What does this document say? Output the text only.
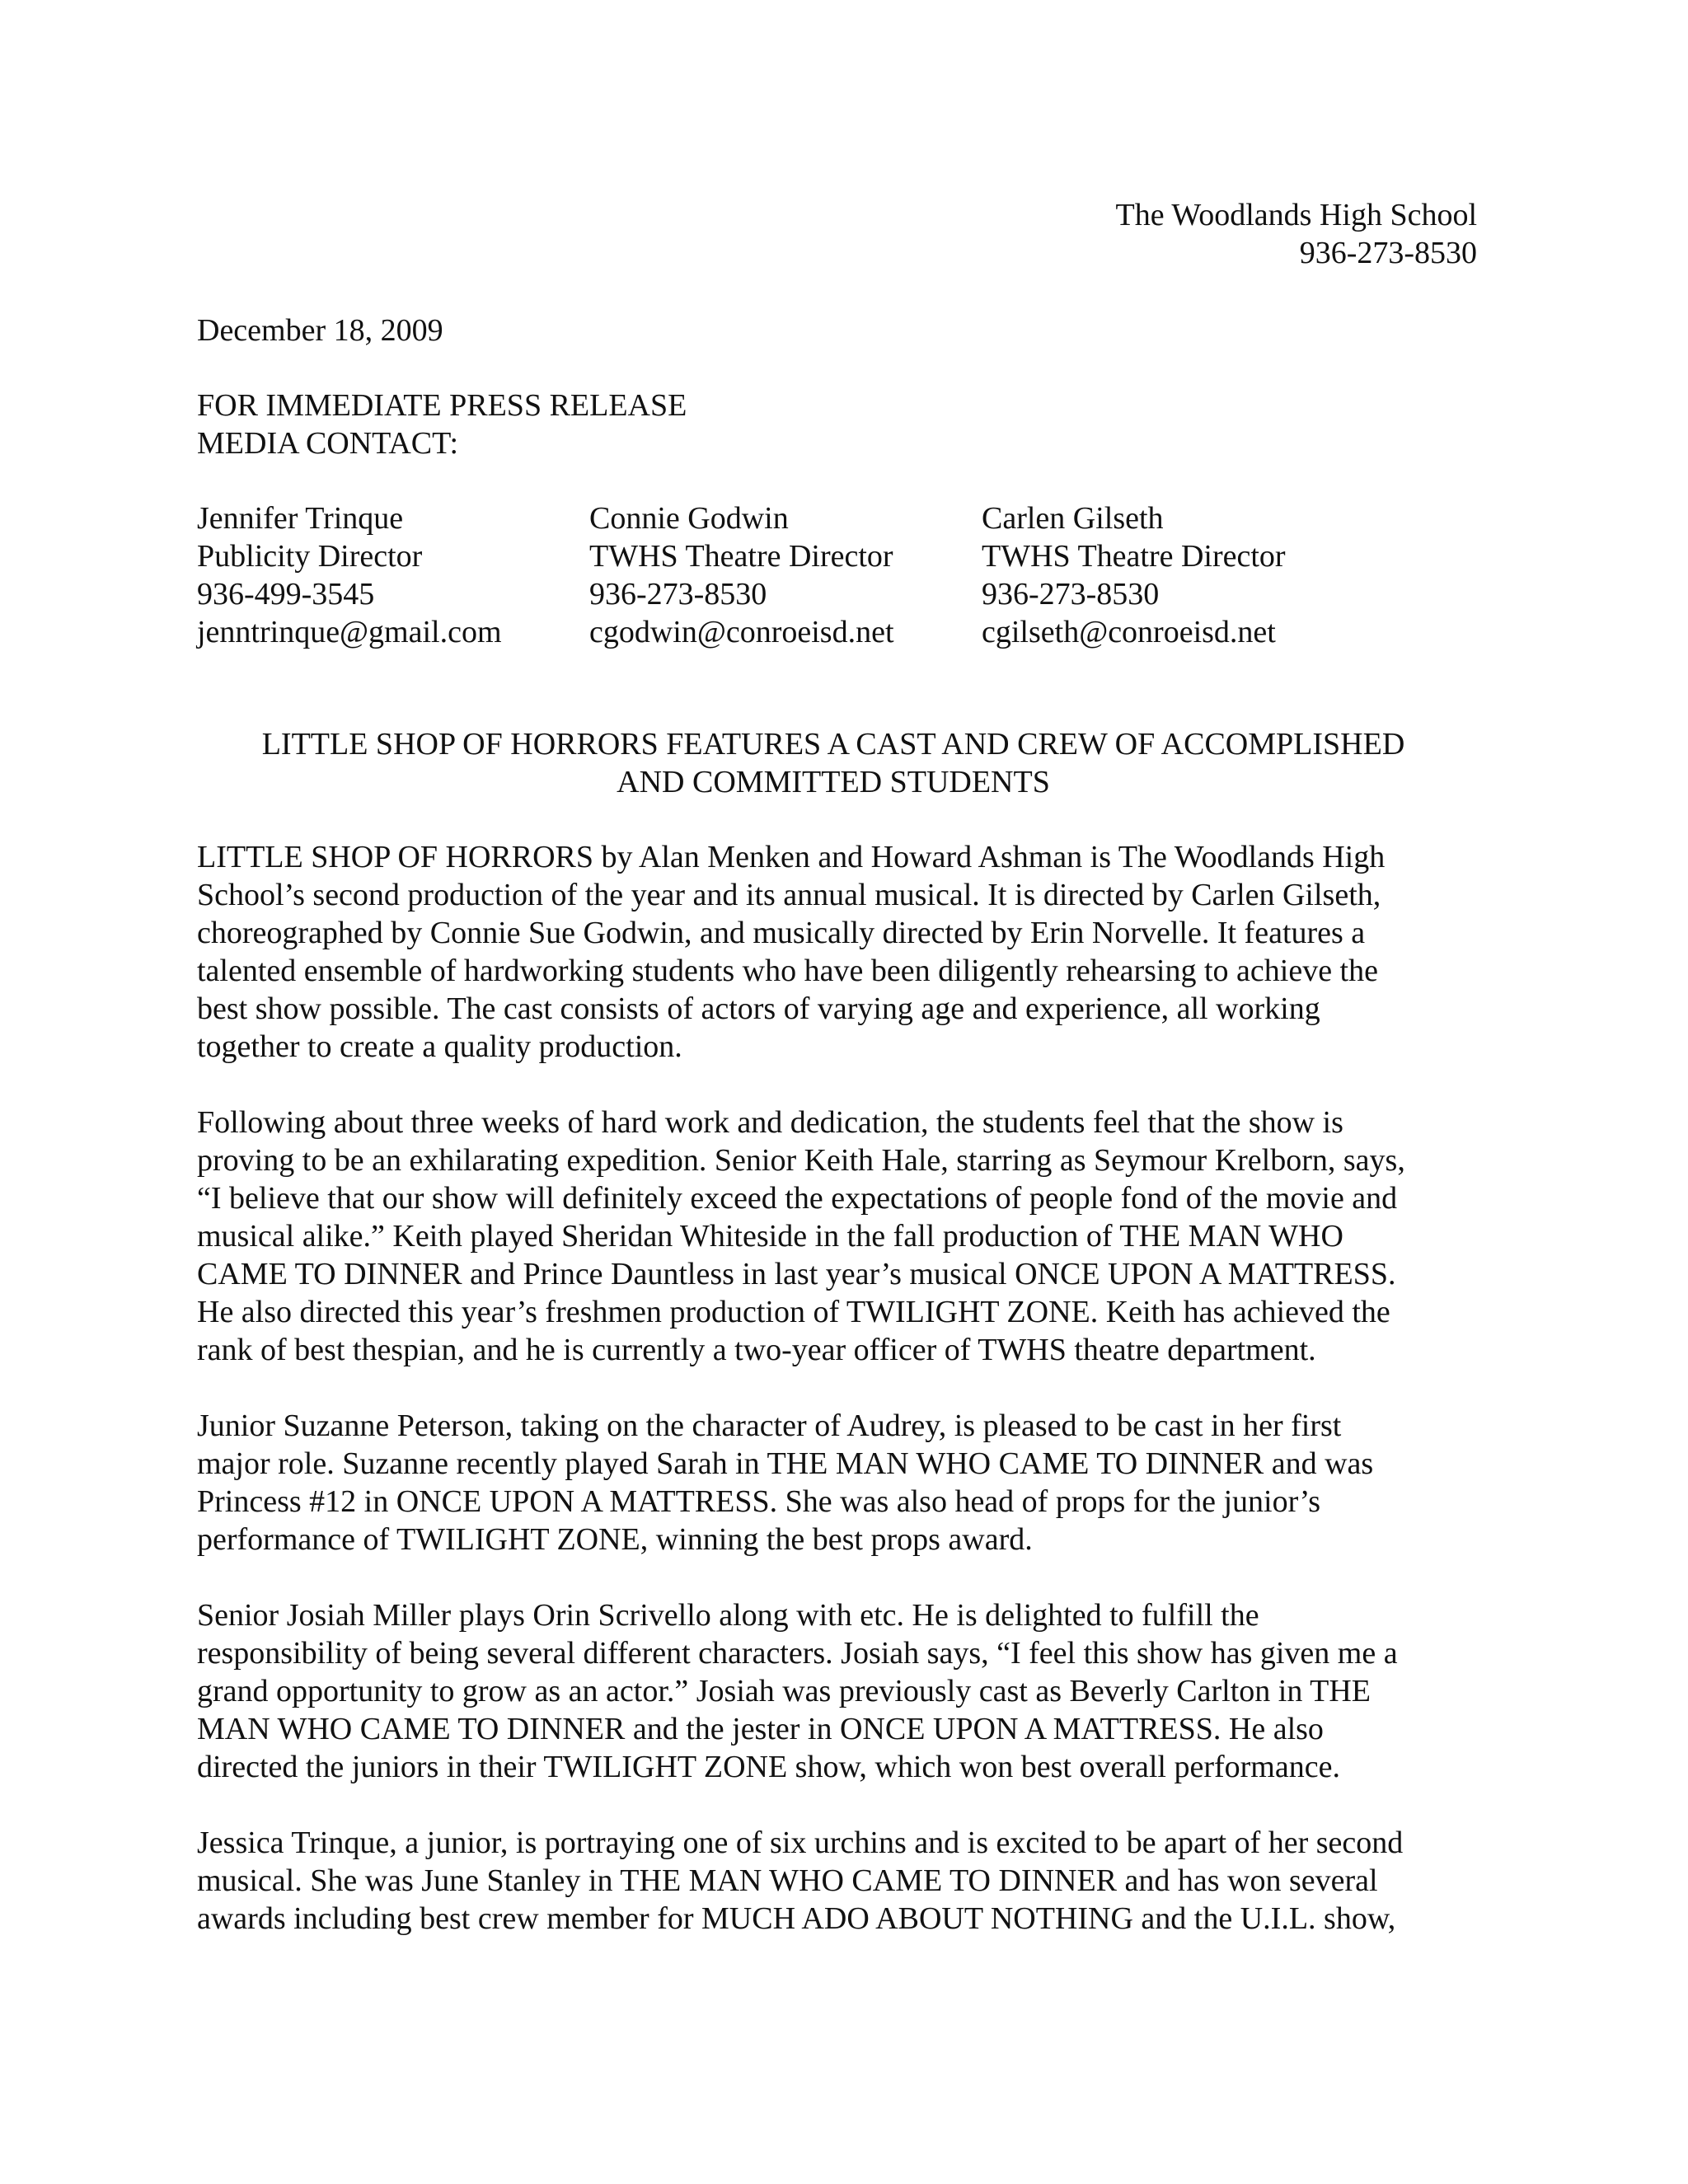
The Woodlands High School
936-273-8530
December 18, 2009
FOR IMMEDIATE PRESS RELEASE
MEDIA CONTACT:
Jennifer Trinque
Publicity Director
936-499-3545
jenntrinque@gmail.com
Connie Godwin
TWHS Theatre Director
936-273-8530
cgodwin@conroeisd.net
Carlen Gilseth
TWHS Theatre Director
936-273-8530
cgilseth@conroeisd.net
LITTLE SHOP OF HORRORS FEATURES A CAST AND CREW OF ACCOMPLISHED
AND COMMITTED STUDENTS

LITTLE SHOP OF HORRORS by Alan Menken and Howard Ashman is The Woodlands High
School’s second production of the year and its annual musical. It is directed by Carlen Gilseth,
choreographed by Connie Sue Godwin, and musically directed by Erin Norvelle. It features a
talented ensemble of hardworking students who have been diligently rehearsing to achieve the
best show possible. The cast consists of actors of varying age and experience, all working
together to create a quality production.

Following about three weeks of hard work and dedication, the students feel that the show is
proving to be an exhilarating expedition. Senior Keith Hale, starring as Seymour Krelborn, says,
“I believe that our show will definitely exceed the expectations of people fond of the movie and
musical alike.” Keith played Sheridan Whiteside in the fall production of THE MAN WHO
CAME TO DINNER and Prince Dauntless in last year’s musical ONCE UPON A MATTRESS.
He also directed this year’s freshmen production of TWILIGHT ZONE. Keith has achieved the
rank of best thespian, and he is currently a two-year officer of TWHS theatre department.

Junior Suzanne Peterson, taking on the character of Audrey, is pleased to be cast in her first
major role. Suzanne recently played Sarah in THE MAN WHO CAME TO DINNER and was
Princess #12 in ONCE UPON A MATTRESS. She was also head of props for the junior’s
performance of TWILIGHT ZONE, winning the best props award.

Senior Josiah Miller plays Orin Scrivello along with etc. He is delighted to fulfill the
responsibility of being several different characters. Josiah says, “I feel this show has given me a
grand opportunity to grow as an actor.” Josiah was previously cast as Beverly Carlton in THE
MAN WHO CAME TO DINNER and the jester in ONCE UPON A MATTRESS. He also
directed the juniors in their TWILIGHT ZONE show, which won best overall performance.

Jessica Trinque, a junior, is portraying one of six urchins and is excited to be apart of her second
musical. She was June Stanley in THE MAN WHO CAME TO DINNER and has won several
awards including best crew member for MUCH ADO ABOUT NOTHING and the U.I.L. show,
